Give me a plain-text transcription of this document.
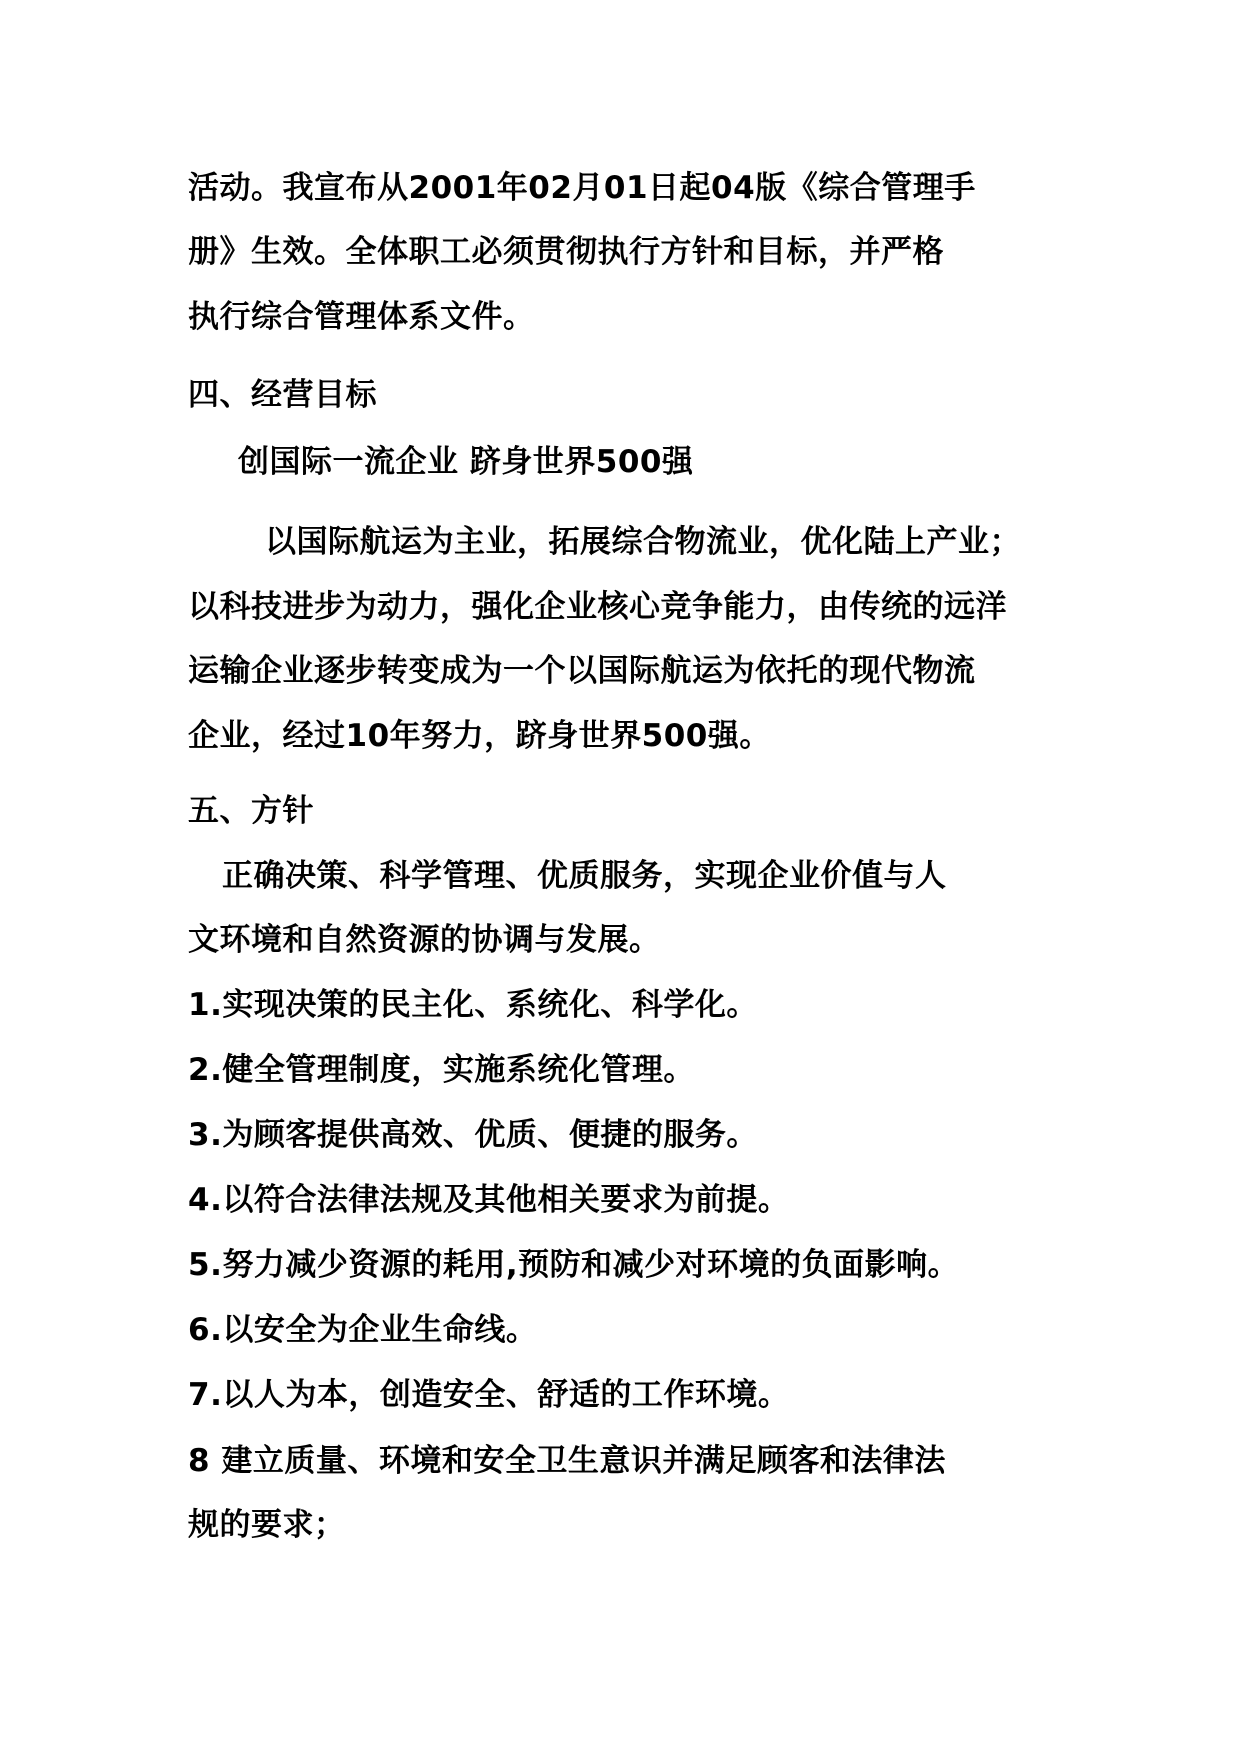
活动。我宣布从2001年02月01日起04版《综合管理手
册》生效。全体职工必须贯彻执行方针和目标，并严格
执行综合管理体系文件。
四、经营目标
创国际一流企业 跻身世界500强
以国际航运为主业，拓展综合物流业，优化陆上产业；
以科技进步为动力，强化企业核心竞争能力，由传统的远洋
运输企业逐步转变成为一个以国际航运为依托的现代物流
企业，经过10年努力，跻身世界500强。
五、方针
正确决策、科学管理、优质服务，实现企业价值与人
文环境和自然资源的协调与发展。
1.实现决策的民主化、系统化、科学化。
2.健全管理制度，实施系统化管理。
3.为顾客提供高效、优质、便捷的服务。
4.以符合法律法规及其他相关要求为前提。
5.努力减少资源的耗用,预防和减少对环境的负面影响。
6.以安全为企业生命线。
7.以人为本，创造安全、舒适的工作环境。
8 建立质量、环境和安全卫生意识并满足顾客和法律法
规的要求；
